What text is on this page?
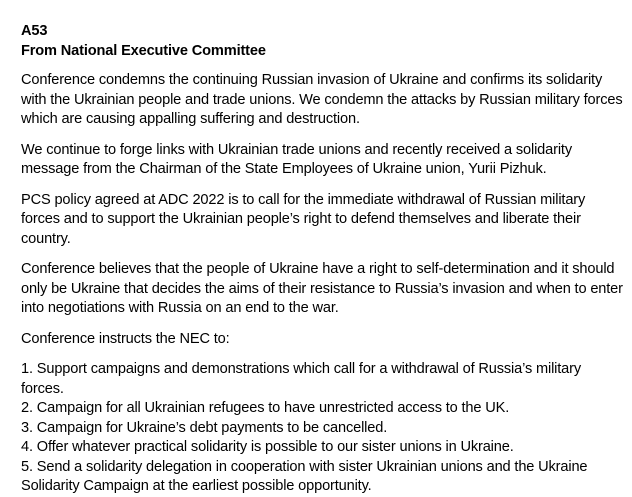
A53
From National Executive Committee

Conference condemns the continuing Russian invasion of Ukraine and confirms its solidarity with the Ukrainian people and trade unions. We condemn the attacks by Russian military forces which are causing appalling suffering and destruction.

We continue to forge links with Ukrainian trade unions and recently received a solidarity message from the Chairman of the State Employees of Ukraine union, Yurii Pizhuk.

PCS policy agreed at ADC 2022 is to call for the immediate withdrawal of Russian military forces and to support the Ukrainian people’s right to defend themselves and liberate their country.

Conference believes that the people of Ukraine have a right to self-determination and it should only be Ukraine that decides the aims of their resistance to Russia’s invasion and when to enter into negotiations with Russia on an end to the war.

Conference instructs the NEC to:

1. Support campaigns and demonstrations which call for a withdrawal of Russia’s military forces.
2. Campaign for all Ukrainian refugees to have unrestricted access to the UK.
3. Campaign for Ukraine’s debt payments to be cancelled.
4. Offer whatever practical solidarity is possible to our sister unions in Ukraine.
5. Send a solidarity delegation in cooperation with sister Ukrainian unions and the Ukraine Solidarity Campaign at the earliest possible opportunity.
